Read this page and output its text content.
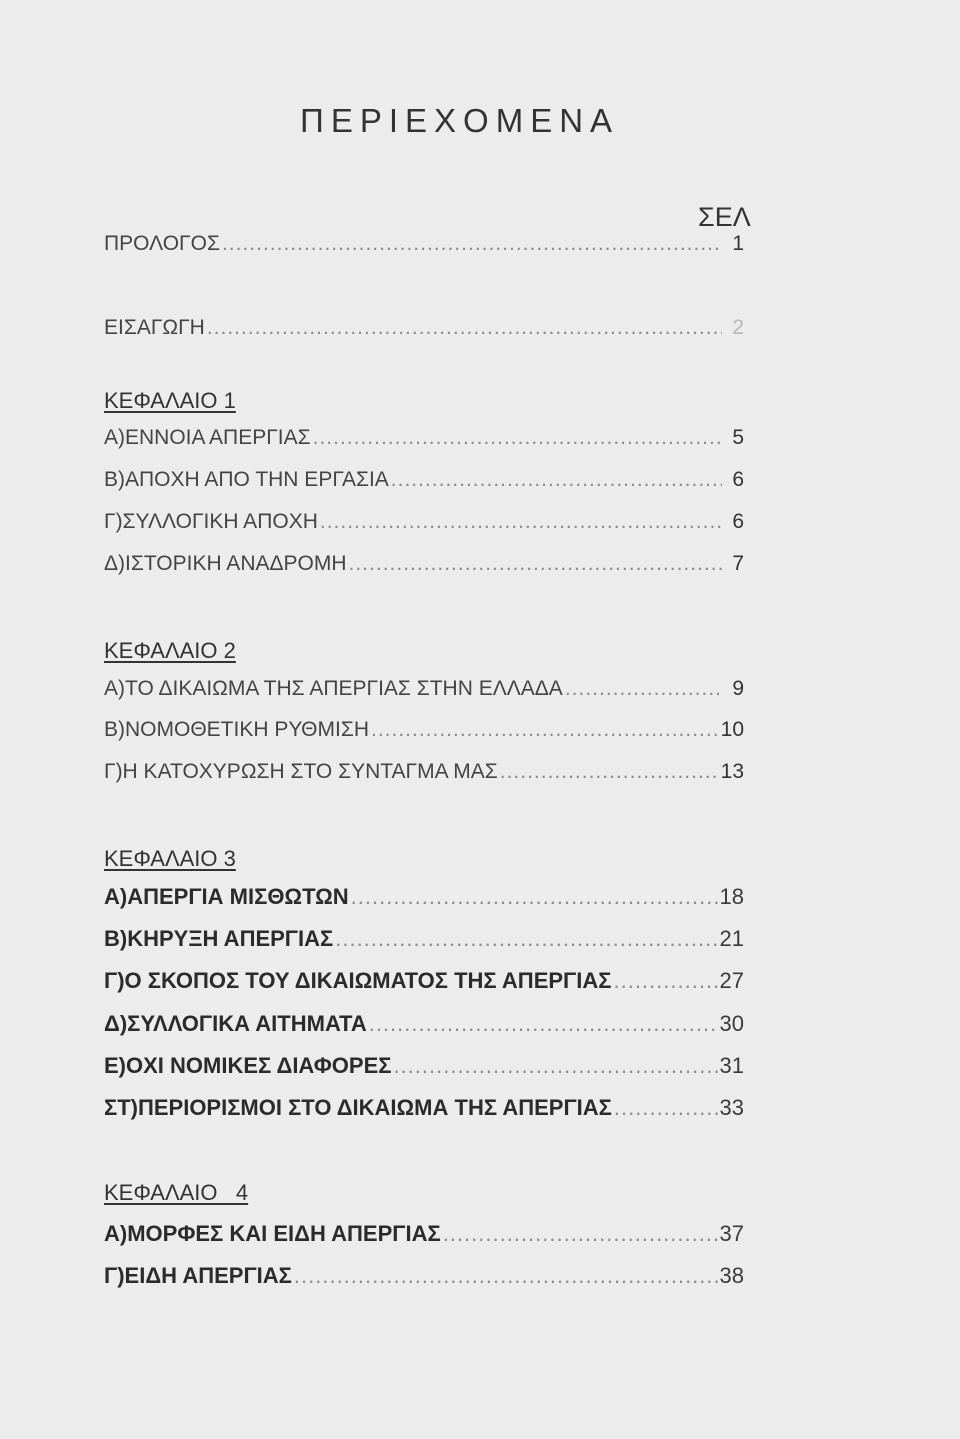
ΠΕΡΙΕΧΟΜΕΝΑ
ΣΕΛ
ΠΡΟΛΟΓΟΣ .....	1
ΕΙΣΑΓΩΓΗ .....	2
ΚΕΦΑΛΑΙΟ 1
Α)ΕΝΝΟΙΑ ΑΠΕΡΓΙΑΣ .....	5
Β)ΑΠΟΧΗ ΑΠΟ ΤΗΝ ΕΡΓΑΣΙΑ .....	6
Γ)ΣΥΛΛΟΓΙΚΗ ΑΠΟΧΗ .....	6
Δ)ΙΣΤΟΡΙΚΗ ΑΝΑΔΡΟΜΗ .....	7
ΚΕΦΑΛΑΙΟ 2
Α)ΤΟ ΔΙΚΑΙΩΜΑ ΤΗΣ ΑΠΕΡΓΙΑΣ ΣΤΗΝ ΕΛΛΑΔΑ .....	9
Β)ΝΟΜΟΘΕΤΙΚΗ ΡΥΘΜΙΣΗ .....	10
Γ)Η ΚΑΤΟΧΥΡΩΣΗ ΣΤΟ ΣΥΝΤΑΓΜΑ ΜΑΣ .....	13
ΚΕΦΑΛΑΙΟ 3
Α)ΑΠΕΡΓΙΑ ΜΙΣΘΩΤΩΝ .....	18
Β)ΚΗΡΥΞΗ ΑΠΕΡΓΙΑΣ .....	21
Γ)Ο ΣΚΟΠΟΣ ΤΟΥ ΔΙΚΑΙΩΜΑΤΟΣ ΤΗΣ ΑΠΕΡΓΙΑΣ .....	27
Δ)ΣΥΛΛΟΓΙΚΑ ΑΙΤΗΜΑΤΑ .....	30
Ε)ΟΧΙ ΝΟΜΙΚΕΣ ΔΙΑΦΟΡΕΣ .....	31
ΣΤ)ΠΕΡΙΟΡΙΣΜΟΙ ΣΤΟ ΔΙΚΑΙΩΜΑ ΤΗΣ ΑΠΕΡΓΙΑΣ .....	33
ΚΕΦΑΛΑΙΟ   4
Α)ΜΟΡΦΕΣ ΚΑΙ ΕΙΔΗ ΑΠΕΡΓΙΑΣ .....	37
Γ)ΕΙΔΗ ΑΠΕΡΓΙΑΣ .....	38
